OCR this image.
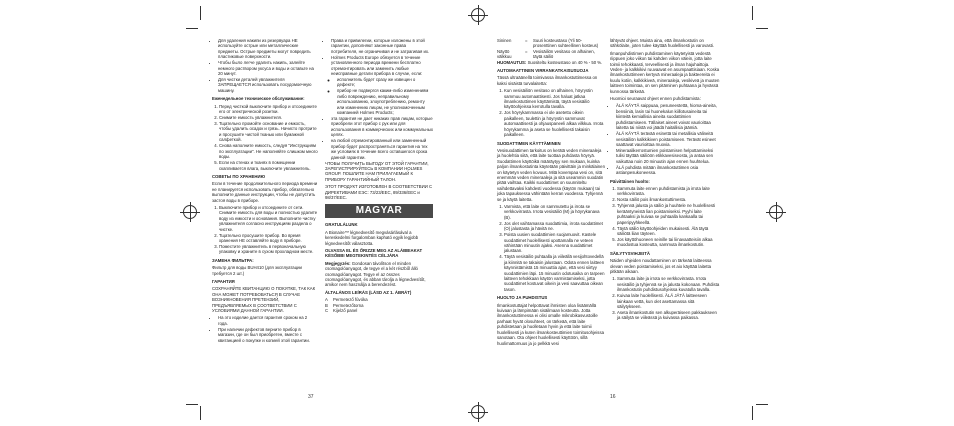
• Для удаления накипи из резервуара НЕ используйте острые или металлические предметы. Острые предметы могут повредить пластиковые поверхности.
• Чтобы было легче удалить накипь, залейте немного раствором уксуса и воды и оставьте на 20 минут.
• Для чистки деталей увлажнителя ЗАПРЕЩАЕТСЯ использовать посудомоечную машину.

Еженедельное техническое обслуживание:

1. Перед чисткой выключите прибор и отсоедините его от электрической розетки.
2. Снимите емкость увлажнителя.
3. Тщательно промойте основание и емкость, чтобы удалить осадок и грязь. Начисто протрите и просушите чистой тканью или бумажной салфеткой.
4. Снова наполните емкость, следуя "Инструкциям по эксплуатации". Не наполняйте слишком много воды.
5. Если на стенах и тканях в помещении скапливается влага, выключите увлажнитель.

СОВЕТЫ ПО ХРАНЕНИЮ

Если в течение продолжительного периода времени не планируется использовать прибор, обязательно выполните данные инструкции, чтобы не допустить застоя воды в приборе.

1. Выключите прибор и отсоедините от сети. Снимите емкость для воды и полностью удалите воду из емкости и основания. Выполните чистку увлажнителя согласно инструкциям раздела о чистке.
2. Тщательно просушите прибор. Во время хранения НЕ оставляйте воду в приборе.
3. Поместите увлажнитель в первоначальную упаковку и храните в сухом прохладном месте.

ЗАМЕНА ФИЛЬТРА:

Фильтр для воды BUH410 (для эксплуатации требуется 2 шт.)

ГАРАНТИЯ

СОХРАНЯЙТЕ КВИТАНЦИЮ О ПОКУПКЕ, ТАК КАК ОНА МОЖЕТ ПОТРЕБОВАТЬСЯ В СЛУЧАЕ ВОЗНИКНОВЕНИЯ ПРЕТЕНЗИЙ, ПРЕДЪЯВЛЯЕМЫХ В СООТВЕТСТВИИ С УСЛОВИЯМИ ДАННОЙ ГАРАНТИИ.

• На это изделие дается гарантия сроком на 2 года.
• При наличии дефектов верните прибор в магазин, где он был приобретен, вместе с квитанцией о покупке и копией этой гарантии.
• Права и привилегии, которые изложены в этой гарантии, дополняют законные права потребителя, не ограничивая и не затрагивая их.
• Holmes Products Europe обязуется в течение установленного периода времени бесплатно отремонтировать или заменить любые неисправные детали прибора в случае, если:
◦ исполнитель будет сразу же извещен о дефекте;
◦ прибор не подвергся каким-либо изменениям либо повреждению, неправильному использованию, злоупотреблению, ремонту или изменению лицом, не уполномоченным компанией Holmes Products;
• эта гарантия не дает никаких прав лицам, которые приобрели этот прибор с рук или для использования в коммерческих или коммунальных целях.
• на любой отремонтированный или замененный прибор будет распространяться гарантия на тех же условиях в течение всего оставшегося срока данной гарантии.

ЧТОБЫ ПОЛУЧИТЬ ВЫГОДУ ОТ ЭТОЙ ГАРАНТИИ, ЗАРЕГИСТРИРУЙТЕСЬ В КОМПАНИИ HOLMES GROUP. ПОШЛИТЕ НАМ ПРИЛАГАЕМЫЙ К ПРИБОРУ ГАРАНТИЙНЫЙ ТАЛОН.

ЭТОТ ПРОДУКТ ИЗГОТОВЛЕН В СООТВЕТСТВИИ С ДИРЕКТИВАМИ ЕЭС: 73/23/EEC, 89/336/EEC и 98/37/EEC.

MAGYAR

GRATULÁLUNK

A Bionaire™ légnedvesítő megvásárlásával a kereskedelmi forgalomban kapható egyik legjobb légnedvesítőt választotta.

OLVASSA EL ÉS ŐRIZZE MEG AZ ALÁBBIAKAT KÉSŐBBI MEGTEKINTÉS CÉLJÁRA

Megjegyzés: Gondosan távolítson el minden csomagolóanyagot, de tegye el a két részből álló csomagolóanyagot. Tegye el az összes csomagolóanyagot, és abban tárolja a légnedvesítőt, amikor nem használja a berendezést.

ÁLTALÁNOS LEÍRÁS (LÁSD AZ 1. ÁBRÁT)

A	Permetező fúvóka
B	Permetezőtorna
C	Kijelző panel
Sininen	=	Suuri kosteustaso (Yli 50-prosenttinen suhteellinen kosteus)
Näyttö välkkuu
=	Vesisäiliön vesitaso on alhainen, täytä säiliö

HUOMAUTUS: Suositeltu kosteustaso on 40 % - 50 %.

AUTOMAATTINEN VIRRANKATKAISUSUOJA

Tässä ultraäänellä toimivassa ilmankostuttimessa on kaksi sisäistä turvalaitetta:

1. Kun vesisäiliön vesitaso on alhainen, höyrystin sammuu automaattisesti. Jos haluat jatkaa ilmankostuttimen käyttämistä, täytä vesisäiliö käyttöohjeissa kerrotulla tavalla.
2. Jos höyrykammassa ei ole asetettu oikein paikalleen, tuulettin ja höyrystin sammuvat automaattisesti ja ohjauspaneeli alkaa vilkkua. Irrota höyrykamma ja aseta se huolellisesti takaisin paikalleen.

SUODATTIMEN KÄYTTÄMINEN

Vesisuodattimen tarkoitus on kerätä veden mineraaleja ja huolehtia siitä, että laite tuottaa puhdasta höyryä. Suodattimen käyttöikä määräytyy sen mukaan, kuinka paljon ilmankostutinta käytetään päivittäin ja minkälainen on käytetyn veden kovuus. Mitä kovempaa vesi on, sitä enemmän veden mineraaleja ja sitä useammin suodatin pitää vaihtaa. Kaikki suodattimet on suunniteltu vaihdettavaksi kahdesti vuodessa (käytön mukaan) tai joka tapauksessa vähintään kerran vuodessa. Tyhjennä se ja käytä laitetta.

1. Varmista, että laite on sammutettu ja irrota se verkkovirrasta. Irrota vesisäiliö (M) ja höyrykanava (B).
2. Jos olet vaihtamassa suodattimia, irrota suodattimet (O) jalustasta ja hävitä ne.
3. Poista uusien suodattimien suojamuovit. Kastele suodattimet huolellisesti upottamalla ne veteen vähintään minuutin ajaksi. Asenna suodattimet jalustaan.
4. Täytä vesisäiliö puhtaalla ja viileällä vesijohtovedellä ja kiinnitä se takaisin jalustaan. Odota ennen laitteen käynnistämistä 15 minuuttia ajan, että vesi siirtyy suodattimien läpi. 15 minuutin odotusaika on tarpeen laitteen tehokkaan käytön varmistamiseksi, jotta suodattimet kostuvat oikein ja vesi saavuttaa oikean tason.

HUOLTO JA PUHDISTUS

Ilmankostuttajat helpottavat ihmisten oloa lisäämällä kuivaan ja lämpimään sisäilmaan kosteutta. Jotta ilmankostuttimessa ei olisi omalle mikrobikasvustoille parhaat hyvät olosuhteet, on tärkeää, että laite puhdistetaan ja huolletaan hyvin ja että laite toimii huolellisesti ja kuten ilmankosteuttimien toimitusohjeissa sanotaan. Ota ohjeet huolellisesti käyttöön, sillä huolimattomuus ja jo pelkkä vesi

lähtyvät ohjeet. Muista aina, että ilmankostutin on sähkölaite, joten tulee käyttää huolellisesti ja varovasti.

Ilmanpuhdistimen puhdistaminen käytetyistä vedestä riippuen joko viikon tai kahden viikon välein, jotta laite toimii tehokkaasti, terveellisesti ja ilman hajuhaittoja. Veden- ja kalkkikivi ruuvaavat en asumpaattisiaan. Koska ilmankostuttimeen kertyvä mineraaleja ja bakteereita ei kuulu kotiin, kalkkikiveä, mineraaleja, vesikiveä ja muuten laitteen toimintaa, on sen pitäminen puhtaana ja hyvässä kunnossa tärkeää.

Huomioi seuraavat ohjeet ennen puhdistamista:

• ÄLÄ KÄYTÄ saippuaa, pesuneestettä, hioma-aineita, bensiiniä, lasin tai huonekalun kiillotusaineita tai kiinteitä kemiallisia aineita suodattimien puhdistamiseen. Tällaiset aineet voivat vaurioittaa laitetta tai niistä voi jäädä haitallisia jäämiä.
• ÄLÄ KÄYTÄ terävää esinettä tai metallisia välineitä vesisäiliön kalkkikiven poistamiseen. Terävät esineet saattavat vaurioittaa muovia.
• Mineraalikerrostumien poistamisen helpottamiseksi tulisi täyttää säiliöön etikkavesiseosta, ja antaa sen vaikuttaa noin 20 minuutin ajan ennen huuhtelua.
• ÄLÄ puhdista mitään ilmankostuttimen osia astianpesukoneessa.

Päivittäinen huolto:

1. Sammuta laite ennen puhdistamista ja irrota laite verkkovirrasta.
2. Nosta säiliö pois ilmankostuttimesta.
3. Tyhjennä jalusta ja säiliö ja huuhtele ne huolellisesti kerääntyneistä lian poistamiseksi. Pyyhi laite puhtaaksi ja kuivaa se puhtaalla kankaalla tai paperipyyhkeellä.
4. Täytä säiliö käyttöohjeiden mukaisesti. Älä täytä säiliötä liian täyteen.
5. Jos käyttöhuoneen seinille tai liinavaatteisiin alkaa muodostua kosteutta, sammuta ilmankostutin.

SÄILYTYSVIHJEITÄ

Näiden ohjeiden noudattaminen on tärkeää laitteessa olevan veden poistamiseksi, jos et aio käyttää laitetta pitkään aikaan.

1. Sammuta laite ja irrota se verkkovirrasta. Irrota vesisäiliö ja tyhjennä se ja jalusta kokonaan. Puhdista ilmankostutin puhdistusohjeissa kuvatulla tavalla.
2. Kuivaa laite huolellisesti. ÄLÄ JÄTÄ laitteeseen lainkaan vettä, kun olet asettamassa sitä säilytykseen.
3. Aseta ilmankostutin sen alkuperäiseen pakkaukseen ja säilytä se viileässä ja kuivassa paikassa.
37	16
